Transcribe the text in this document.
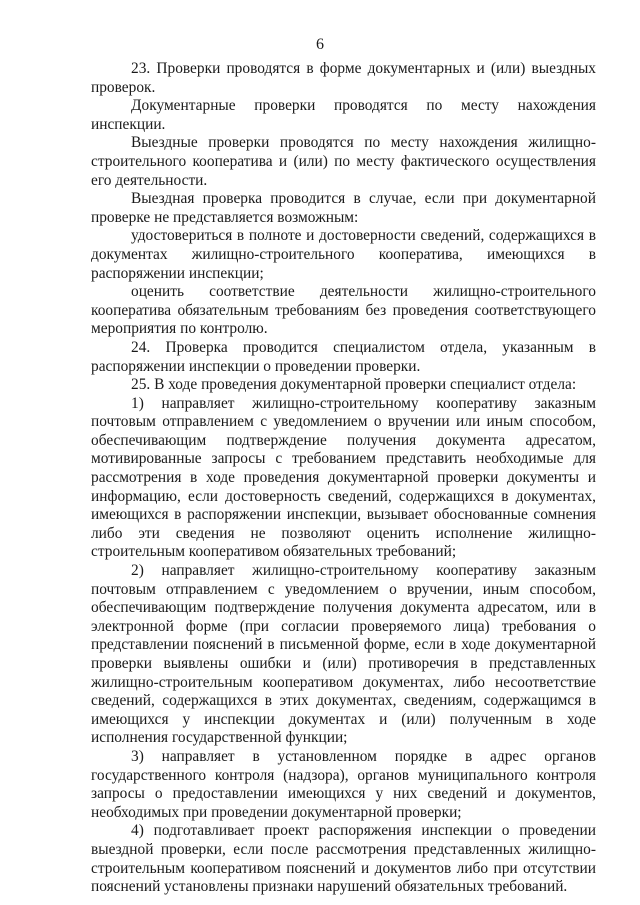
6

23. Проверки проводятся в форме документарных и (или) выездных проверок.

Документарные проверки проводятся по месту нахождения инспекции.

Выездные проверки проводятся по месту нахождения жилищно-строительного кооператива и (или) по месту фактического осуществления его деятельности.

Выездная проверка проводится в случае, если при документарной проверке не представляется возможным:

удостовериться в полноте и достоверности сведений, содержащихся в документах жилищно-строительного кооператива, имеющихся в распоряжении инспекции;

оценить соответствие деятельности жилищно-строительного кооператива обязательным требованиям без проведения соответствующего мероприятия по контролю.

24. Проверка проводится специалистом отдела, указанным в распоряжении инспекции о проведении проверки.

25. В ходе проведения документарной проверки специалист отдела:

1) направляет жилищно-строительному кооперативу заказным почтовым отправлением с уведомлением о вручении или иным способом, обеспечивающим подтверждение получения документа адресатом, мотивированные запросы с требованием представить необходимые для рассмотрения в ходе проведения документарной проверки документы и информацию, если достоверность сведений, содержащихся в документах, имеющихся в распоряжении инспекции, вызывает обоснованные сомнения либо эти сведения не позволяют оценить исполнение жилищно-строительным кооперативом обязательных требований;

2) направляет жилищно-строительному кооперативу заказным почтовым отправлением с уведомлением о вручении, иным способом, обеспечивающим подтверждение получения документа адресатом, или в электронной форме (при согласии проверяемого лица) требования о представлении пояснений в письменной форме, если в ходе документарной проверки выявлены ошибки и (или) противоречия в представленных жилищно-строительным кооперативом документах, либо несоответствие сведений, содержащихся в этих документах, сведениям, содержащимся в имеющихся у инспекции документах и (или) полученным в ходе исполнения государственной функции;

3) направляет в установленном порядке в адрес органов государственного контроля (надзора), органов муниципального контроля запросы о предоставлении имеющихся у них сведений и документов, необходимых при проведении документарной проверки;

4) подготавливает проект распоряжения инспекции о проведении выездной проверки, если после рассмотрения представленных жилищно-строительным кооперативом пояснений и документов либо при отсутствии пояснений установлены признаки нарушений обязательных требований.
